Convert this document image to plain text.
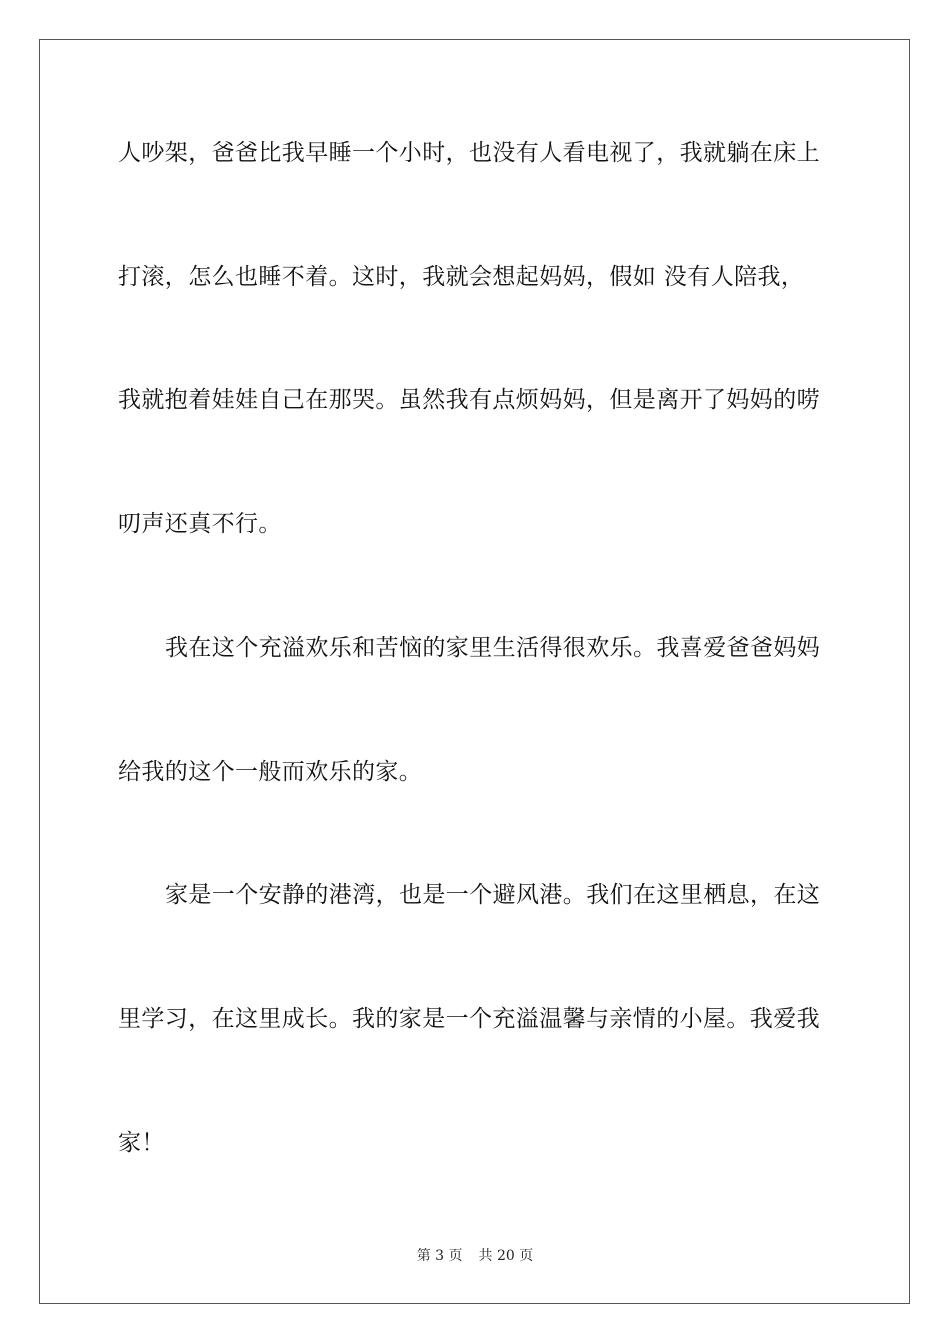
人吵架，爸爸比我早睡一个小时，也没有人看电视了，我就躺在床上
打滚，怎么也睡不着。这时，我就会想起妈妈，假如 没有人陪我，
我就抱着娃娃自己在那哭。虽然我有点烦妈妈，但是离开了妈妈的唠
叨声还真不行。
我在这个充溢欢乐和苦恼的家里生活得很欢乐。我喜爱爸爸妈妈
给我的这个一般而欢乐的家。
家是一个安静的港湾，也是一个避风港。我们在这里栖息，在这
里学习，在这里成长。我的家是一个充溢温馨与亲情的小屋。我爱我
家！
第 3 页 共 20 页
